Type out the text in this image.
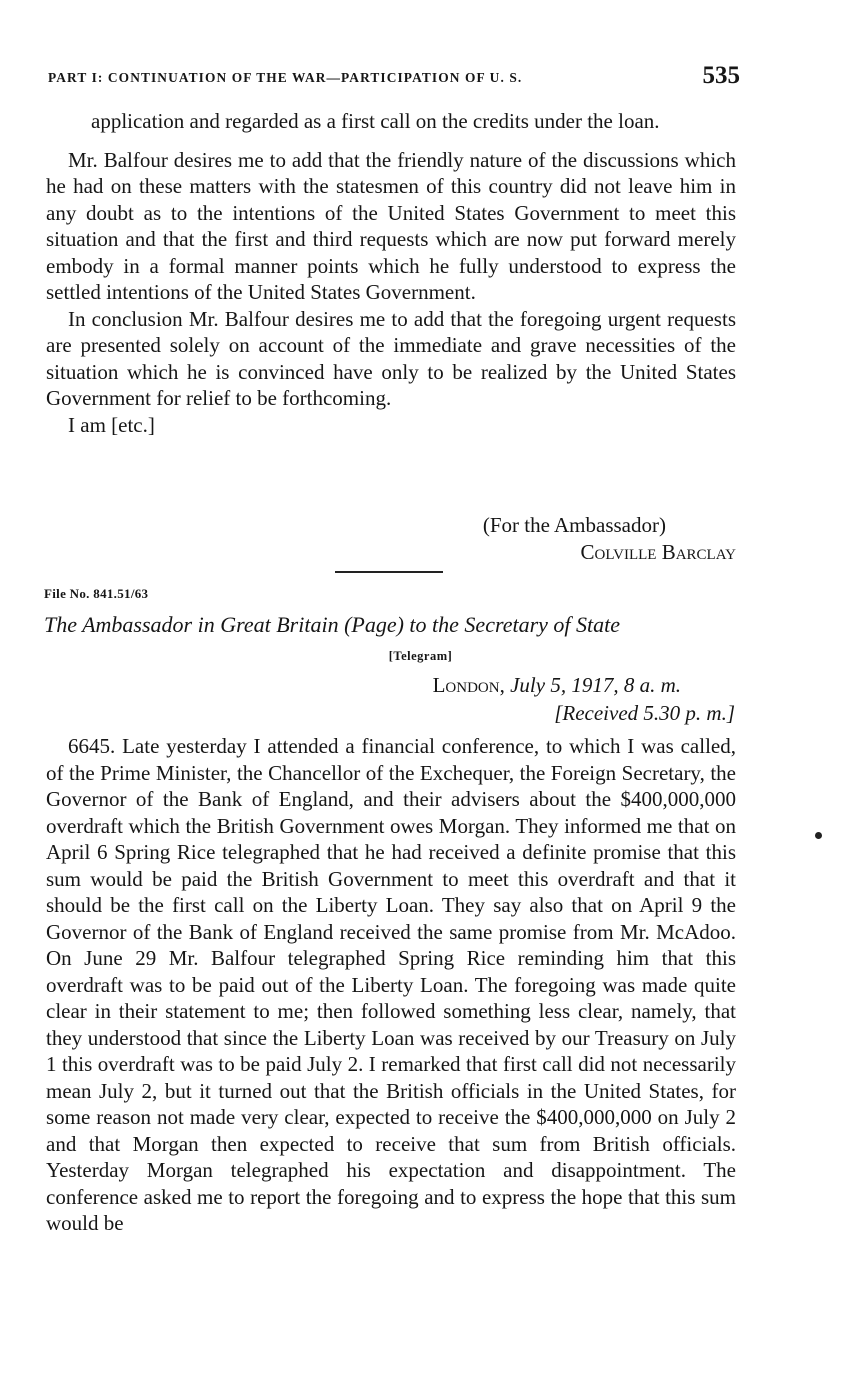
PART I: CONTINUATION OF THE WAR—PARTICIPATION OF U. S.	535

application and regarded as a first call on the credits under the loan.

Mr. Balfour desires me to add that the friendly nature of the discussions which he had on these matters with the statesmen of this country did not leave him in any doubt as to the intentions of the United States Government to meet this situation and that the first and third requests which are now put forward merely embody in a formal manner points which he fully understood to express the settled intentions of the United States Government.

In conclusion Mr. Balfour desires me to add that the foregoing urgent requests are presented solely on account of the immediate and grave necessities of the situation which he is convinced have only to be realized by the United States Government for relief to be forthcoming.

I am [etc.]

(For the Ambassador)
Colville Barclay
File No. 841.51/63
The Ambassador in Great Britain (Page) to the Secretary of State
[Telegram]
London, July 5, 1917, 8 a. m.
[Received 5.30 p. m.]

6645. Late yesterday I attended a financial conference, to which I was called, of the Prime Minister, the Chancellor of the Exchequer, the Foreign Secretary, the Governor of the Bank of England, and their advisers about the $400,000,000 overdraft which the British Government owes Morgan. They informed me that on April 6 Spring Rice telegraphed that he had received a definite promise that this sum would be paid the British Government to meet this overdraft and that it should be the first call on the Liberty Loan. They say also that on April 9 the Governor of the Bank of England received the same promise from Mr. McAdoo. On June 29 Mr. Balfour telegraphed Spring Rice reminding him that this overdraft was to be paid out of the Liberty Loan. The foregoing was made quite clear in their statement to me; then followed something less clear, namely, that they understood that since the Liberty Loan was received by our Treasury on July 1 this overdraft was to be paid July 2. I remarked that first call did not necessarily mean July 2, but it turned out that the British officials in the United States, for some reason not made very clear, expected to receive the $400,000,000 on July 2 and that Morgan then expected to receive that sum from British officials. Yesterday Morgan telegraphed his expectation and disappointment. The conference asked me to report the foregoing and to express the hope that this sum would be
